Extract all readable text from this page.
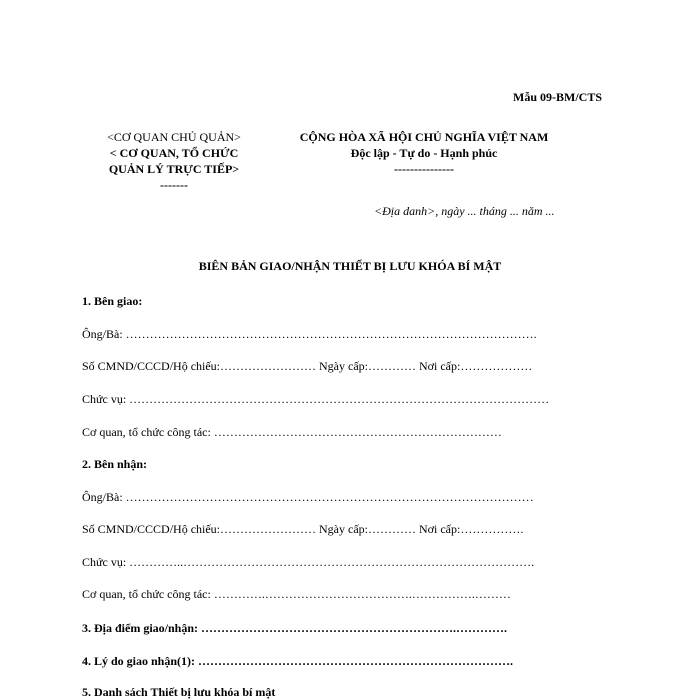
Mẫu 09-BM/CTS
<CƠ QUAN CHỦ QUẢN>
< CƠ QUAN, TỔ CHỨC
QUẢN LÝ TRỰC TIẾP>
-------
CỘNG HÒA XÃ HỘI CHỦ NGHĨA VIỆT NAM
Độc lập - Tự do - Hạnh phúc
---------------
<Địa danh>, ngày ... tháng ... năm ...
BIÊN BẢN GIAO/NHẬN THIẾT BỊ LƯU KHÓA BÍ MẬT
1. Bên giao:
Ông/Bà: ………………………………………………………………………………………….
Số CMND/CCCD/Hộ chiếu:…………………… Ngày cấp:………… Nơi cấp:………………
Chức vụ: ……………………………………………………………………………………………
Cơ quan, tổ chức công tác: ………………………………………………………………
2. Bên nhận:
Ông/Bà: …………………………………………………………………………………………
Số CMND/CCCD/Hộ chiếu:…………………… Ngày cấp:………… Nơi cấp:…………….
Chức vụ: …………..…………………………………………………………………………….
Cơ quan, tổ chức công tác: ………….……………………………….…………….………
3. Địa điểm giao/nhận: ……………………………………………………….………….
4. Lý do giao nhận(1): …………………………………………………………………….
5. Danh sách Thiết bị lưu khóa bí mật
